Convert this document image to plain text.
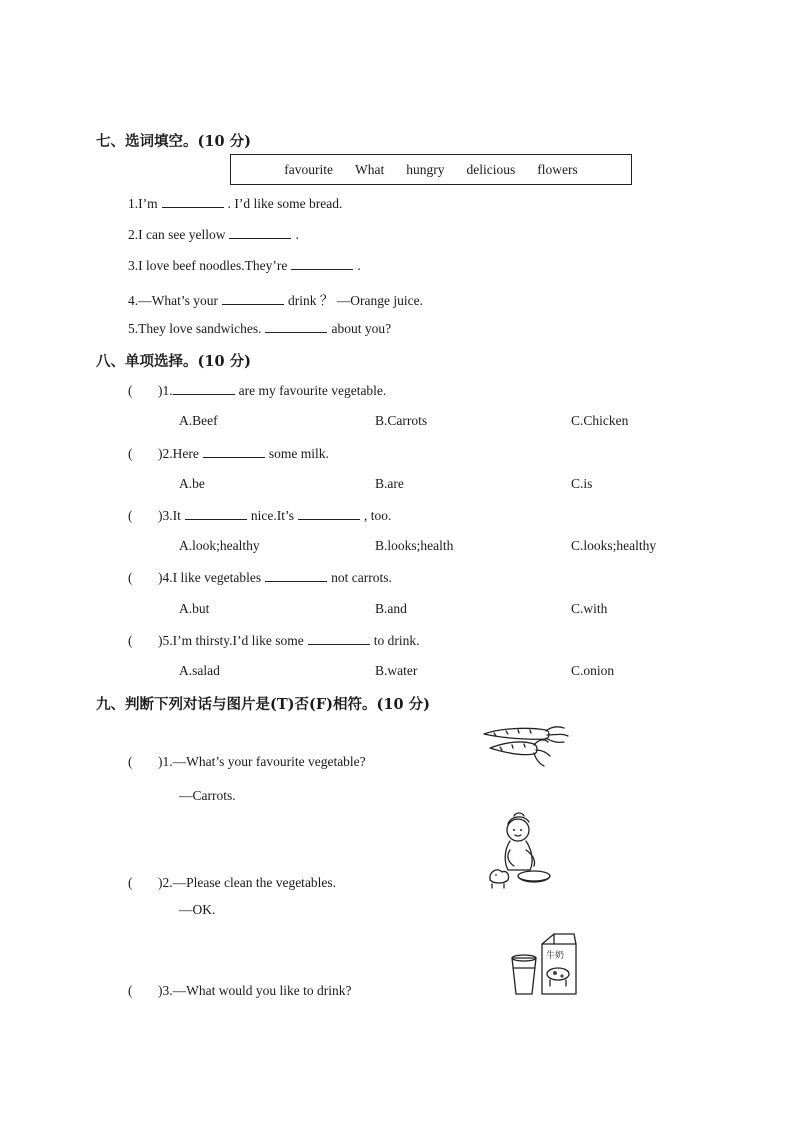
七、选词填空。(10 分)
favourite What hungry delicious flowers
1.I’m	. I’d like some bread.
2.I can see yellow	.
3.I love beef noodles.They’re	.
4.—What’s your	drink ？ —Orange juice.
5.They love sandwiches.	about you?
八、单项选择。(10 分)
( )1.	are my favourite vegetable.
A.Beef	B.Carrots	C.Chicken
( )2.Here	some milk.
A.be	B.are	C.is
( )3.It	nice.It’s	, too.
A.look;healthy	B.looks;health	C.looks;healthy
( )4.I like vegetables	not carrots.
A.but	B.and	C.with
( )5.I’m thirsty.I’d like some	to drink.
A.salad	B.water	C.onion
九、判断下列对话与图片是(T)否(F)相符。(10 分)
( )1.—What’s your favourite vegetable?
—Carrots.
( )2.—Please clean the vegetables.
—OK.
( )3.—What would you like to drink?
牛奶
